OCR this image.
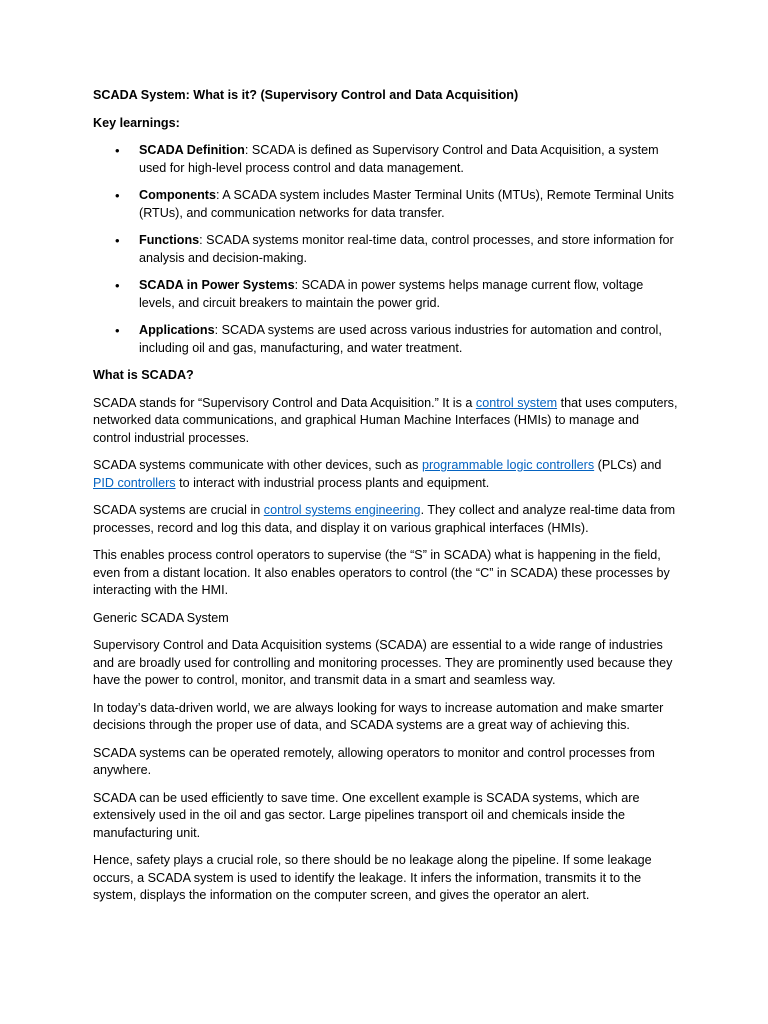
SCADA System: What is it? (Supervisory Control and Data Acquisition)

Key learnings:

• SCADA Definition: SCADA is defined as Supervisory Control and Data Acquisition, a system used for high-level process control and data management.
• Components: A SCADA system includes Master Terminal Units (MTUs), Remote Terminal Units (RTUs), and communication networks for data transfer.
• Functions: SCADA systems monitor real-time data, control processes, and store information for analysis and decision-making.
• SCADA in Power Systems: SCADA in power systems helps manage current flow, voltage levels, and circuit breakers to maintain the power grid.
• Applications: SCADA systems are used across various industries for automation and control, including oil and gas, manufacturing, and water treatment.

What is SCADA?

SCADA stands for “Supervisory Control and Data Acquisition.” It is a control system that uses computers, networked data communications, and graphical Human Machine Interfaces (HMIs) to manage and control industrial processes.

SCADA systems communicate with other devices, such as programmable logic controllers (PLCs) and PID controllers to interact with industrial process plants and equipment.

SCADA systems are crucial in control systems engineering. They collect and analyze real-time data from processes, record and log this data, and display it on various graphical interfaces (HMIs).

This enables process control operators to supervise (the “S” in SCADA) what is happening in the field, even from a distant location. It also enables operators to control (the “C” in SCADA) these processes by interacting with the HMI.

Generic SCADA System

Supervisory Control and Data Acquisition systems (SCADA) are essential to a wide range of industries and are broadly used for controlling and monitoring processes. They are prominently used because they have the power to control, monitor, and transmit data in a smart and seamless way.

In today’s data-driven world, we are always looking for ways to increase automation and make smarter decisions through the proper use of data, and SCADA systems are a great way of achieving this.

SCADA systems can be operated remotely, allowing operators to monitor and control processes from anywhere.

SCADA can be used efficiently to save time. One excellent example is SCADA systems, which are extensively used in the oil and gas sector. Large pipelines transport oil and chemicals inside the manufacturing unit.

Hence, safety plays a crucial role, so there should be no leakage along the pipeline. If some leakage occurs, a SCADA system is used to identify the leakage. It infers the information, transmits it to the system, displays the information on the computer screen, and gives the operator an alert.
